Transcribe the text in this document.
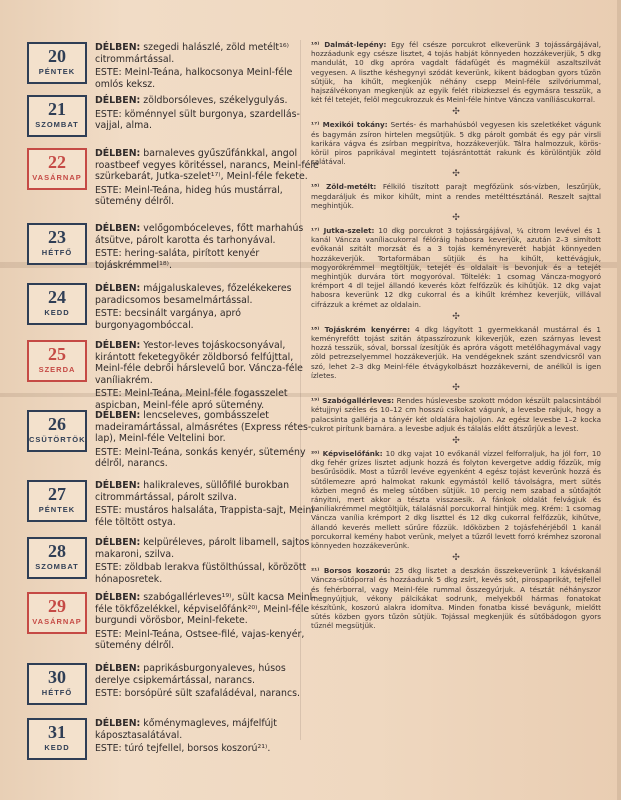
20
PÉNTEK

DÉLBEN: szegedi halászlé, zöld metélt¹⁶⁾ citrommártással.

ESTE: Meinl-Teána, halkocsonya Meinl-féle omlós keksz.

21
SZOMBAT

DÉLBEN: zöldborsóleves, székelygulyás.

ESTE: köménnyel sült burgonya, szardellás-vajjal, alma.

22
VASÁRNAP

DÉLBEN: barnaleves gyűszűfánkkal, angol roastbeef vegyes köritéssel, narancs, Meinl-féle szürkebarát, Jutka-szelet¹⁷⁾, Meinl-féle fekete.

ESTE: Meinl-Teána, hideg hús mustárral, sütemény délről.

23
HÉTFŐ

DÉLBEN: velőgombóceleves, főtt marhahús átsütve, párolt karotta és tarhonyával.

ESTE: hering-saláta, pirított kenyér tojáskrémmel¹⁸⁾.

24
KEDD

DÉLBEN: májgaluskaleves, főzelékekeres paradicsomos besamelmártással.

ESTE: becsinált vargánya, apró burgonyagombóccal.

25
SZERDA

DÉLBEN: Yestor-leves tojáskocsonyával, kirántott feketegyökér zöldborsó felfújttal, Meinl-féle debrői hárslevelű bor. Váncza-féle vaníliakrém.

ESTE: Meinl-Teána, Meinl-féle fogasszelet aspicban, Meinl-féle apró sütemény.

26
CSÜTÖRTÖK

DÉLBEN: lencseleves, gombásszelet madeiramártással, almásrétes (Express rétes-lap), Meinl-féle Veltelini bor.

ESTE: Meinl-Teána, sonkás kenyér, sütemény délről, narancs.

27
PÉNTEK

DÉLBEN: halikraleves, süllőfilé burokban citrommártással, párolt szilva.

ESTE: mustáros halsaláta, Trappista-sajt, Meinl-féle töltött ostya.

28
SZOMBAT

DÉLBEN: kelpüréleves, párolt libamell, sajtos makaroni, szilva.

ESTE: zöldbab lerakva füstölthússal, körözött hónaposretek.

29
VASÁRNAP

DÉLBEN: szabógallérleves¹⁹⁾, sült kacsa Meinl-féle tökfőzelékkel, képviselőfánk²⁰⁾, Meinl-féle burgundi vörösbor, Meinl-fekete.

ESTE: Meinl-Teána, Ostsee-filé, vajas-kenyér, sütemény délről.

30
HÉTFŐ

DÉLBEN: paprikásburgonyaleves, húsos derelye csipkemártással, narancs.

ESTE: borsópüré sült szafaládéval, narancs.

31
KEDD

DÉLBEN: kőménymagleves, májfelfújt káposztasalátával.

ESTE: túró tejfellel, borsos koszorú²¹⁾.

¹⁶⁾ Dalmát-lepény: Egy fél csésze porcukrot elkeverünk 3 tojássárgájával, hozzáadunk egy csésze lisztet, 4 tojás habját könnyeden hozzákeverjük, 5 dkg mandulát, 10 dkg apróra vagdalt fádafügét és magmékül aszaltszilvát vegyesen. A liszthe késhegynyi szódát keverünk, kikent bádogban gyors tűzön sütjük, ha kihűlt, megkenjük néhány csepp Meinl-féle szilvóriummal, hajszálvékonyan megkenjük az egyik felét ribizkezsel és egymásra tesszük, a két fél tetejét, felöl megcukrozzuk és Meinl-féle hintve Váncza vaníliáscukorral.

✣

¹⁷⁾ Mexikói tokány: Sertés- és marhahúsból vegyesen kis szeletkéket vágunk és bagymán zsíron hirtelen megsütjük. 5 dkg párolt gombát és egy pár virsli karikára vágva és zsírban megpirítva, hozzákeverjük. Tálra halmozzuk, körös-körül piros paprikával megintett tojásrántottát rakunk és körülöntjük zöld salátával.

✣

¹⁸⁾ Zöld-metélt: Félkiló tiszított parajt megfőzünk sós-vízben, leszűrjük, megdaráljuk és mikor kihűlt, mint a rendes metélttésztánál. Reszelt sajttal meghintjük.

✣

¹⁷⁾ Jutka-szelet: 10 dkg porcukrot 3 tojássárgájával, ¼ citrom levével és 1 kanál Váncza vaníliacukorral félóráig habosra keverjük, azután 2–3 simított evőkanál szitált morzsát és a 3 tojás keményreverét habját könnyeden hozzákeverjük. Tortaformában sütjük és ha kihűlt, kettévágjuk, mogyorókrémmel megtöltjük, tetejét és oldalait is bevonjuk és a tetejét meghintjük durvára tört mogyoróval. Töltelék: 1 csomag Váncza-mogyoró krémport 4 dl tejjel állandó keverés közt felfőzzük és kihűtjük. 12 dkg vajat habosra keverünk 12 dkg cukorral és a kihűlt krémhez keverjük, villával cifrázzuk a krémet az oldalain.

✣

¹⁸⁾ Tojáskrém kenyérre: 4 dkg lágyított 1 gyermekkanál mustárral és 1 keményrefőtt tojást szitán átpasszírozunk kikeverjük, ezen szárnyas levest hozzá tesszük, sóval, borssal ízesítjük és apróra vágott metélőhagymával vagy zöld petrezselyemmel hozzákeverjük. Ha vendégeknek szánt szendvicsről van szó, lehet 2–3 dkg Meinl-féle étvágykolbászt hozzákeverni, de anélkül is igen ízletes.

✣

¹⁹⁾ Szabógallérleves: Rendes húslevesbe szokott módon készült palacsintából kétujjnyi széles és 10–12 cm hosszú csíkokat vágunk, a levesbe rakjuk, hogy a palacsinta gallérja a tányér két oldalára hajoljon. Az egész levesbe 1–2 kocka cukrot pirítunk barnára. a levesbe adjuk és tálalás előtt átszűrjük a levest.

✣

²⁰⁾ Képviselőfánk: 10 dkg vajat 10 evőkanál vízzel felforraljuk, ha jól forr, 10 dkg fehér grízes lisztet adjunk hozzá és folyton kevergetve addig főzzük, míg besűrűsödik. Most a tűzről levéve egyenként 4 egész tojást keverünk hozzá és sütőlemezre apró halmokat rakunk egymástól kellő távolságra, mert sütés közben megnő és meleg sütőben sütjük. 10 percig nem szabad a sütőajtót rányitni, mert akkor a tészta visszaesik. A fánkok oldalát felvágjuk és vaníliakrémmel megtöltjük, tálalásnál porcukorral hintjük meg. Krém: 1 csomag Váncza vanília krémport 2 dkg liszttel és 12 dkg cukorral felfőzzük, kihűtve, állandó keverés mellett sűrűre főzzük. Időközben 2 tojásfehérjéből 1 kanál porcukorral kemény habot verünk, melyet a tűzről levett forró krémhez szoronal könnyeden hozzákeverünk.

✣

²¹⁾ Borsos koszorú: 25 dkg lisztet a deszkán összekeverünk 1 kávéskanál Váncza-sütőporral és hozzáadunk 5 dkg zsírt, kevés sót, pirospaprikát, tejfellel és fehérborral, vagy Meinl-féle rummal összegyúrjuk. A tésztát néhányszor megnyújtjuk, vékony pálcikákat sodrunk, melyekből hármas fonatokat készítünk, koszorú alakra idomítva. Minden fonatba kissé bevágunk, mielőtt sütés közben gyors tűzön sütjük. Tojással megkenjük és sütőbádogon gyors tűznél megsütjük.
